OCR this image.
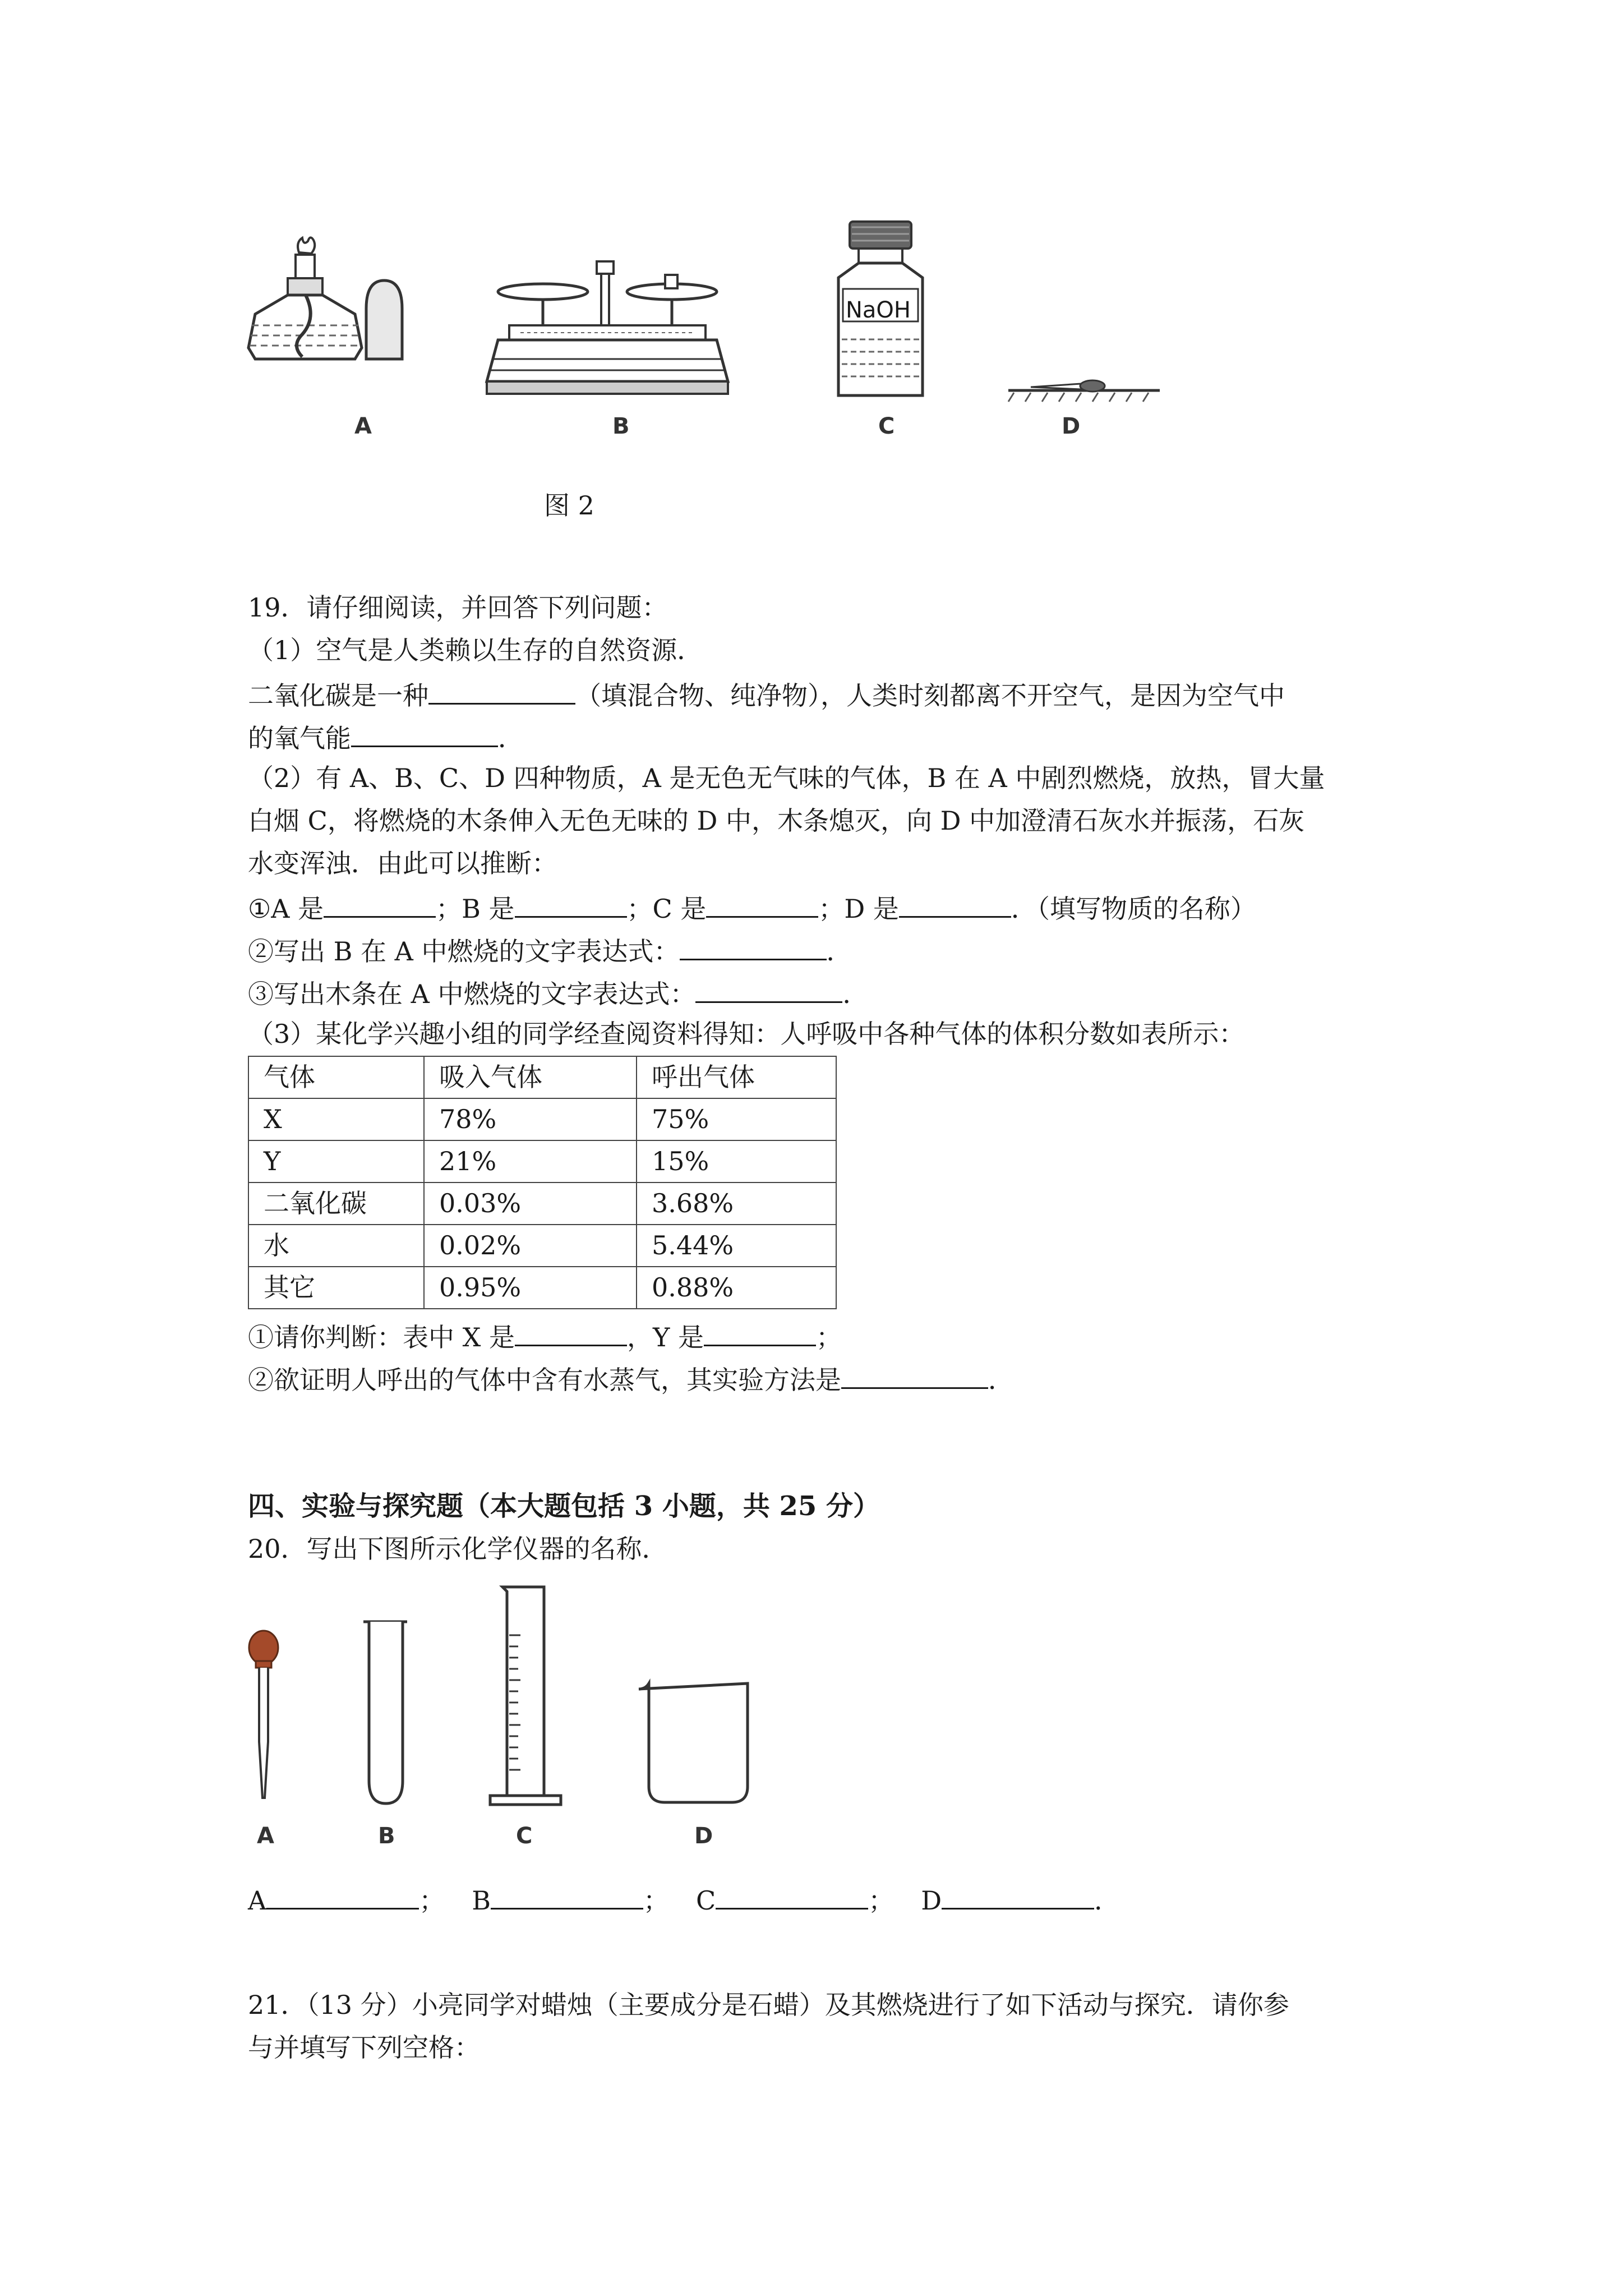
A	B
NaOH
C	D
图 2
19．请仔细阅读，并回答下列问题：
（1）空气是人类赖以生存的自然资源．
二氧化碳是一种	（填混合物、纯净物），人类时刻都离不开空气，是因为空气中
的氧气能	．
（2）有 A、B、C、D 四种物质，A 是无色无气味的气体，B 在 A 中剧烈燃烧，放热，冒大量
白烟 C，将燃烧的木条伸入无色无味的 D 中，木条熄灭，向 D 中加澄清石灰水并振荡，石灰
水变浑浊．由此可以推断：
①A 是	；B 是	；C 是	；D 是	．（填写物质的名称）
②写出 B 在 A 中燃烧的文字表达式：	．
③写出木条在 A 中燃烧的文字表达式：	．
（3）某化学兴趣小组的同学经查阅资料得知：人呼吸中各种气体的体积分数如表所示：
气体	吸入气体	呼出气体
X	78%	75%
Y	21%	15%
二氧化碳	0.03%	3.68%
水	0.02%	5.44%
其它	0.95%	0.88%
①请你判断：表中 X 是	，Y 是	；
②欲证明人呼出的气体中含有水蒸气，其实验方法是	．
四、实验与探究题（本大题包括 3 小题，共 25 分）
20．写出下图所示化学仪器的名称．
A	B	C	D
A	； B	； C	； D	．
21．（13 分）小亮同学对蜡烛（主要成分是石蜡）及其燃烧进行了如下活动与探究．请你参
与并填写下列空格：
